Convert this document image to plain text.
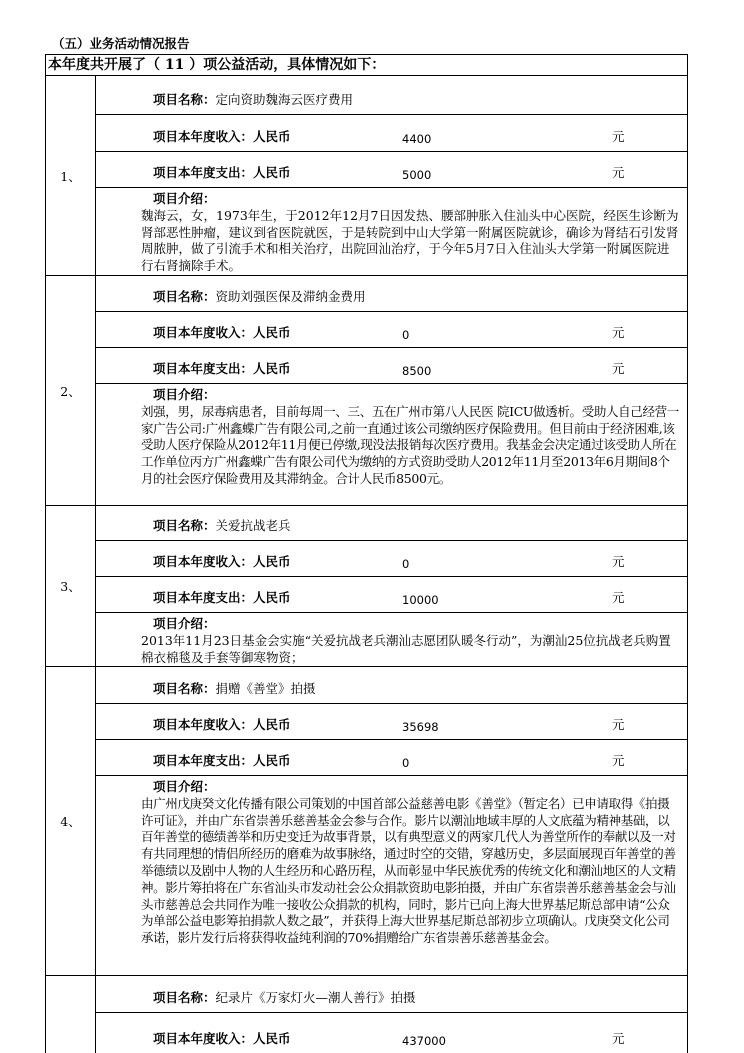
（五）业务活动情况报告
本年度共开展了（ 11 ）项公益活动，具体情况如下：
1、
项目名称：定向资助魏海云医疗费用
项目本年度收入：人民币	4400	元
项目本年度支出：人民币	5000	元
项目介绍：
魏海云，女，1973年生，于2012年12月7日因发热、腰部肿胀入住汕头中心医院，经医生诊断为肾部恶性肿瘤，建议到省医院就医，于是转院到中山大学第一附属医院就诊，确诊为肾结石引发肾周脓肿，做了引流手术和相关治疗，出院回汕治疗，于今年5月7日入住汕头大学第一附属医院进行右肾摘除手术。
2、
项目名称：资助刘强医保及滞纳金费用
项目本年度收入：人民币	0	元
项目本年度支出：人民币	8500	元
项目介绍：
刘强，男，尿毒病患者，目前每周一、三、五在广州市第八人民医 院ICU做透析。受助人自己经营一家广告公司:广州鑫蝶广告有限公司,之前一直通过该公司缴纳医疗保险费用。但目前由于经济困难,该受助人医疗保险从2012年11月便已停缴,现没法报销每次医疗费用。我基金会决定通过该受助人所在工作单位丙方广州鑫蝶广告有限公司代为缴纳的方式资助受助人2012年11月至2013年6月期间8个月的社会医疗保险费用及其滞纳金。合计人民币8500元。
3、
项目名称：关爱抗战老兵
项目本年度收入：人民币	0	元
项目本年度支出：人民币	10000	元
项目介绍：
2013年11月23日基金会实施“关爱抗战老兵潮汕志愿团队暖冬行动”，为潮汕25位抗战老兵购置棉衣棉毯及手套等御寒物资；
4、
项目名称：捐赠《善堂》拍摄
项目本年度收入：人民币	35698	元
项目本年度支出：人民币	0	元
项目介绍：
由广州戊庚癸文化传播有限公司策划的中国首部公益慈善电影《善堂》（暂定名）已申请取得《拍摄许可证》，并由广东省崇善乐慈善基金会参与合作。影片以潮汕地域丰厚的人文底蕴为精神基础，以百年善堂的德绩善举和历史变迁为故事背景，以有典型意义的两家几代人为善堂所作的奉献以及一对有共同理想的情侣所经历的磨难为故事脉络，通过时空的交错，穿越历史，多层面展现百年善堂的善举德绩以及剧中人物的人生经历和心路历程，从而彰显中华民族优秀的传统文化和潮汕地区的人文精神。影片筹拍将在广东省汕头市发动社会公众捐款资助电影拍摄，并由广东省崇善乐慈善基金会与汕头市慈善总会共同作为唯一接收公众捐款的机构，同时，影片已向上海大世界基尼斯总部申请“公众为单部公益电影筹拍捐款人数之最”，并获得上海大世界基尼斯总部初步立项确认。戊庚癸文化公司承诺，影片发行后将获得收益纯利润的70%捐赠给广东省崇善乐慈善基金会。
项目名称：纪录片《万家灯火—潮人善行》拍摄
项目本年度收入：人民币	437000	元
